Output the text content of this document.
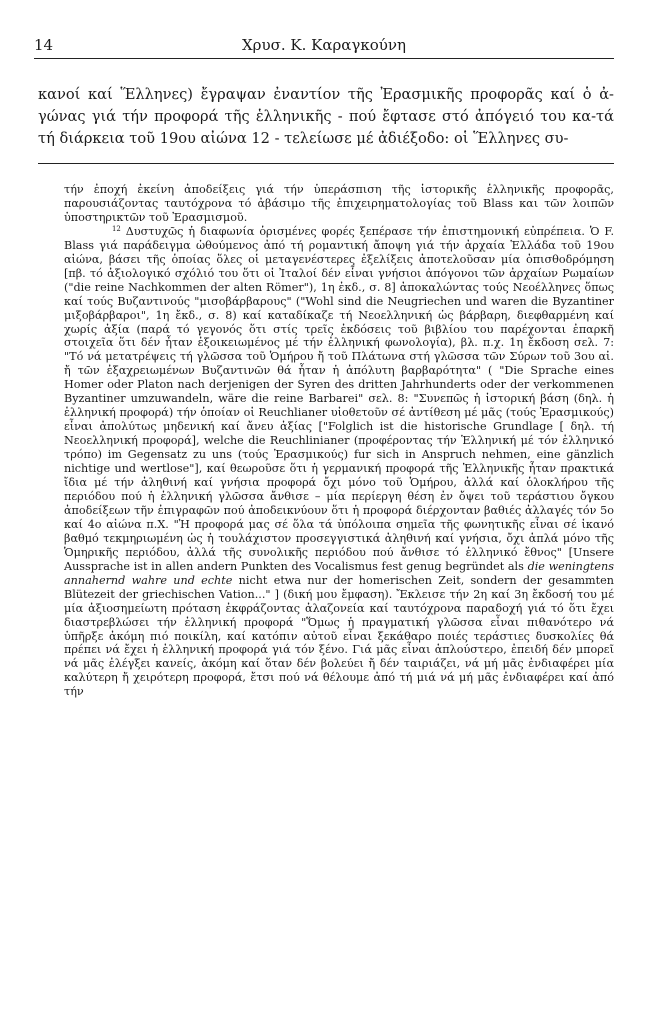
14	Χρυσ. Κ. Καραγκούνη
κανοί καί Ἕλληνες) ἔγραψαν ἐναντίον τῆς Ἐρασμικῆς προφορᾶς καί ὁ ἀ-γώνας γιά τήν προφορά τῆς ἑλληνικῆς - πού ἔφτασε στό ἀπόγειό του κα-τά τή διάρκεια τοῦ 19ου αἰώνα 12 - τελείωσε μέ ἀδιέξοδο: οἱ Ἕλληνες συ-

τήν ἐποχή ἐκείνη ἀποδείξεις γιά τήν ὑπεράσπιση τῆς ἱστορικῆς ἑλληνικῆς προφορᾶς, παρουσιάζοντας ταυτόχρονα τό ἀβάσιμο τῆς ἐπιχειρηματολογίας τοῦ Blass και τῶν λοιπῶν ὑποστηρικτῶν τοῦ Ἐρασμισμοῦ.

$^{12}$ Δυστυχῶς ἡ διαφωνία ὁρισμένες φορές ξεπέρασε τήν ἐπιστημονική εὐπρέπεια. Ὁ F. Blass γιά παράδειγμα ὠθούμενος ἀπό τή ρομαντική ἄποψη γιά τήν ἀρχαία Ἑλλάδα τοῦ 19ου αἰώνα, βάσει τῆς ὁποίας ὅλες οἱ μεταγενέστερες ἐξελίξεις ἀποτελοῦσαν μία ὀπισθοδρόμηση [πβ. τό ἀξιολογικό σχόλιό του ὅτι οἱ Ἰταλοί δέν εἶναι γνήσιοι ἀπόγονοι τῶν ἀρχαίων Ρωμαίων ("die reine Nachkommen der alten Römer"), 1η ἐκδ., σ. 8] ἀποκαλώντας τούς Νεοέλληνες ὅπως καί τούς Βυζαντινούς "μισοβάρβαρους" ("Wohl sind die Neugriechen und waren die Byzantiner μιξοβάρβαροι", 1η ἔκδ., σ. 8) καί καταδίκαζε τή Νεοελληνική ὡς βάρβαρη, διεφθαρμένη καί χωρίς ἀξία (παρά τό γεγονός ὅτι στίς τρεῖς ἐκδόσεις τοῦ βιβλίου του παρέχονται ἐπαρκῆ στοιχεῖα ὅτι δέν ἦταν ἐξοικειωμένος μέ τήν ἑλληνική φωνολογία), βλ. π.χ. 1η ἔκδοση σελ. 7: "Τό νά μετατρέψεις τή γλῶσσα τοῦ Ὁμήρου ἤ τοῦ Πλάτωνα στή γλῶσσα τῶν Σύρων τοῦ 3ου αἰ. ἤ τῶν ἐξαχρειωμένων Βυζαντινῶν θά ἦταν ἡ ἀπόλυτη βαρβαρότητα" ( "Die Sprache eines Homer oder Platon nach derjenigen der Syren des dritten Jahrhunderts oder der verkommenen Byzantiner umzuwandeln, wäre die reine Barbarei" σελ. 8: "Συνεπῶς ἡ ἱστορική βάση (δηλ. ἡ ἑλληνική προφορά) τήν ὁποίαν οἱ Reuchlianer υἱοθετοῦν σέ ἀντίθεση μέ μᾶς (τούς Ἐρασμικούς) εἶναι ἀπολύτως μηδενική καί ἄνευ ἀξίας ["Folglich ist die historische Grundlage [ δηλ. τή Νεοελληνική προφορά], welche die Reuchlinianer (προφέροντας τήν Ἑλληνική μέ τόν ἑλληνικό τρόπο) im Gegensatz zu uns (τούς Ἐρασμικούς) fur sich in Anspruch nehmen, eine gänzlich nichtige und wertlose"], καί θεωροῦσε ὅτι ἡ γερμανική προφορά τῆς Ἑλληνικῆς ἦταν πρακτικά ἴδια μέ τήν ἀληθινή καί γνήσια προφορά ὄχι μόνο τοῦ Ὁμήρου, ἀλλά καί ὁλοκλήρου τῆς περιόδου πού ἡ ἑλληνική γλῶσσα ἄνθισε – μία περίεργη θέση ἐν ὄψει τοῦ τεράστιου ὄγκου ἀποδείξεων τῆν ἐπιγραφῶν πού ἀποδεικνύουν ὅτι ἡ προφορά διέρχονταν βαθιές ἀλλαγές τόν 5ο καί 4ο αἰώνα π.Χ. "Ἡ προφορά μας σέ ὅλα τά ὑπόλοιπα σημεῖα τῆς φωνητικῆς εἶναι σέ ἱκανό βαθμό τεκμηριωμένη ὡς ἡ τουλάχιστον προσεγγιστικά ἀληθινή καί γνήσια, ὄχι ἁπλά μόνο τῆς Ὁμηρικῆς περιόδου, ἀλλά τῆς συνολικῆς περιόδου πού ἄνθισε τό ἑλληνικό ἔθνος" [Unsere Aussprache ist in allen andern Punkten des Vocalismus fest genug begründet als die weningtens annahernd wahre und echte nicht etwa nur der homerischen Zeit, sondern der gesammten Blütezeit der griechischen Vation..." ] (δική μου ἔμφαση). Ἔκλεισε τήν 2η καί 3η ἔκδοσή του μέ μία ἀξιοσημείωτη πρόταση ἐκφράζοντας ἀλαζονεία καί ταυτόχρονα παραδοχή γιά τό ὅτι ἔχει διαστρεβλώσει τήν ἑλληνική προφορά "Ὅμως ἡ πραγματική γλῶσσα εἶναι πιθανότερο νά ὑπῆρξε ἀκόμη πιό ποικίλη, καί κατόπιν αὐτοῦ εἶναι ξεκάθαρο ποιές τεράστιες δυσκολίες θά πρέπει νά ἔχει ἡ ἑλληνική προφορά γιά τόν ξένο. Γιά μᾶς εἶναι ἁπλούστερο, ἐπειδή δέν μπορεῖ νά μᾶς ἐλέγξει κανείς, ἀκόμη καί ὅταν δέν βολεύει ἤ δέν ταιριάζει, νά μή μᾶς ἐνδιαφέρει μία καλύτερη ἤ χειρότερη προφορά, ἔτσι πού νά θέλουμε ἀπό τή μιά νά μή μᾶς ἐνδιαφέρει καί ἀπό τήν
